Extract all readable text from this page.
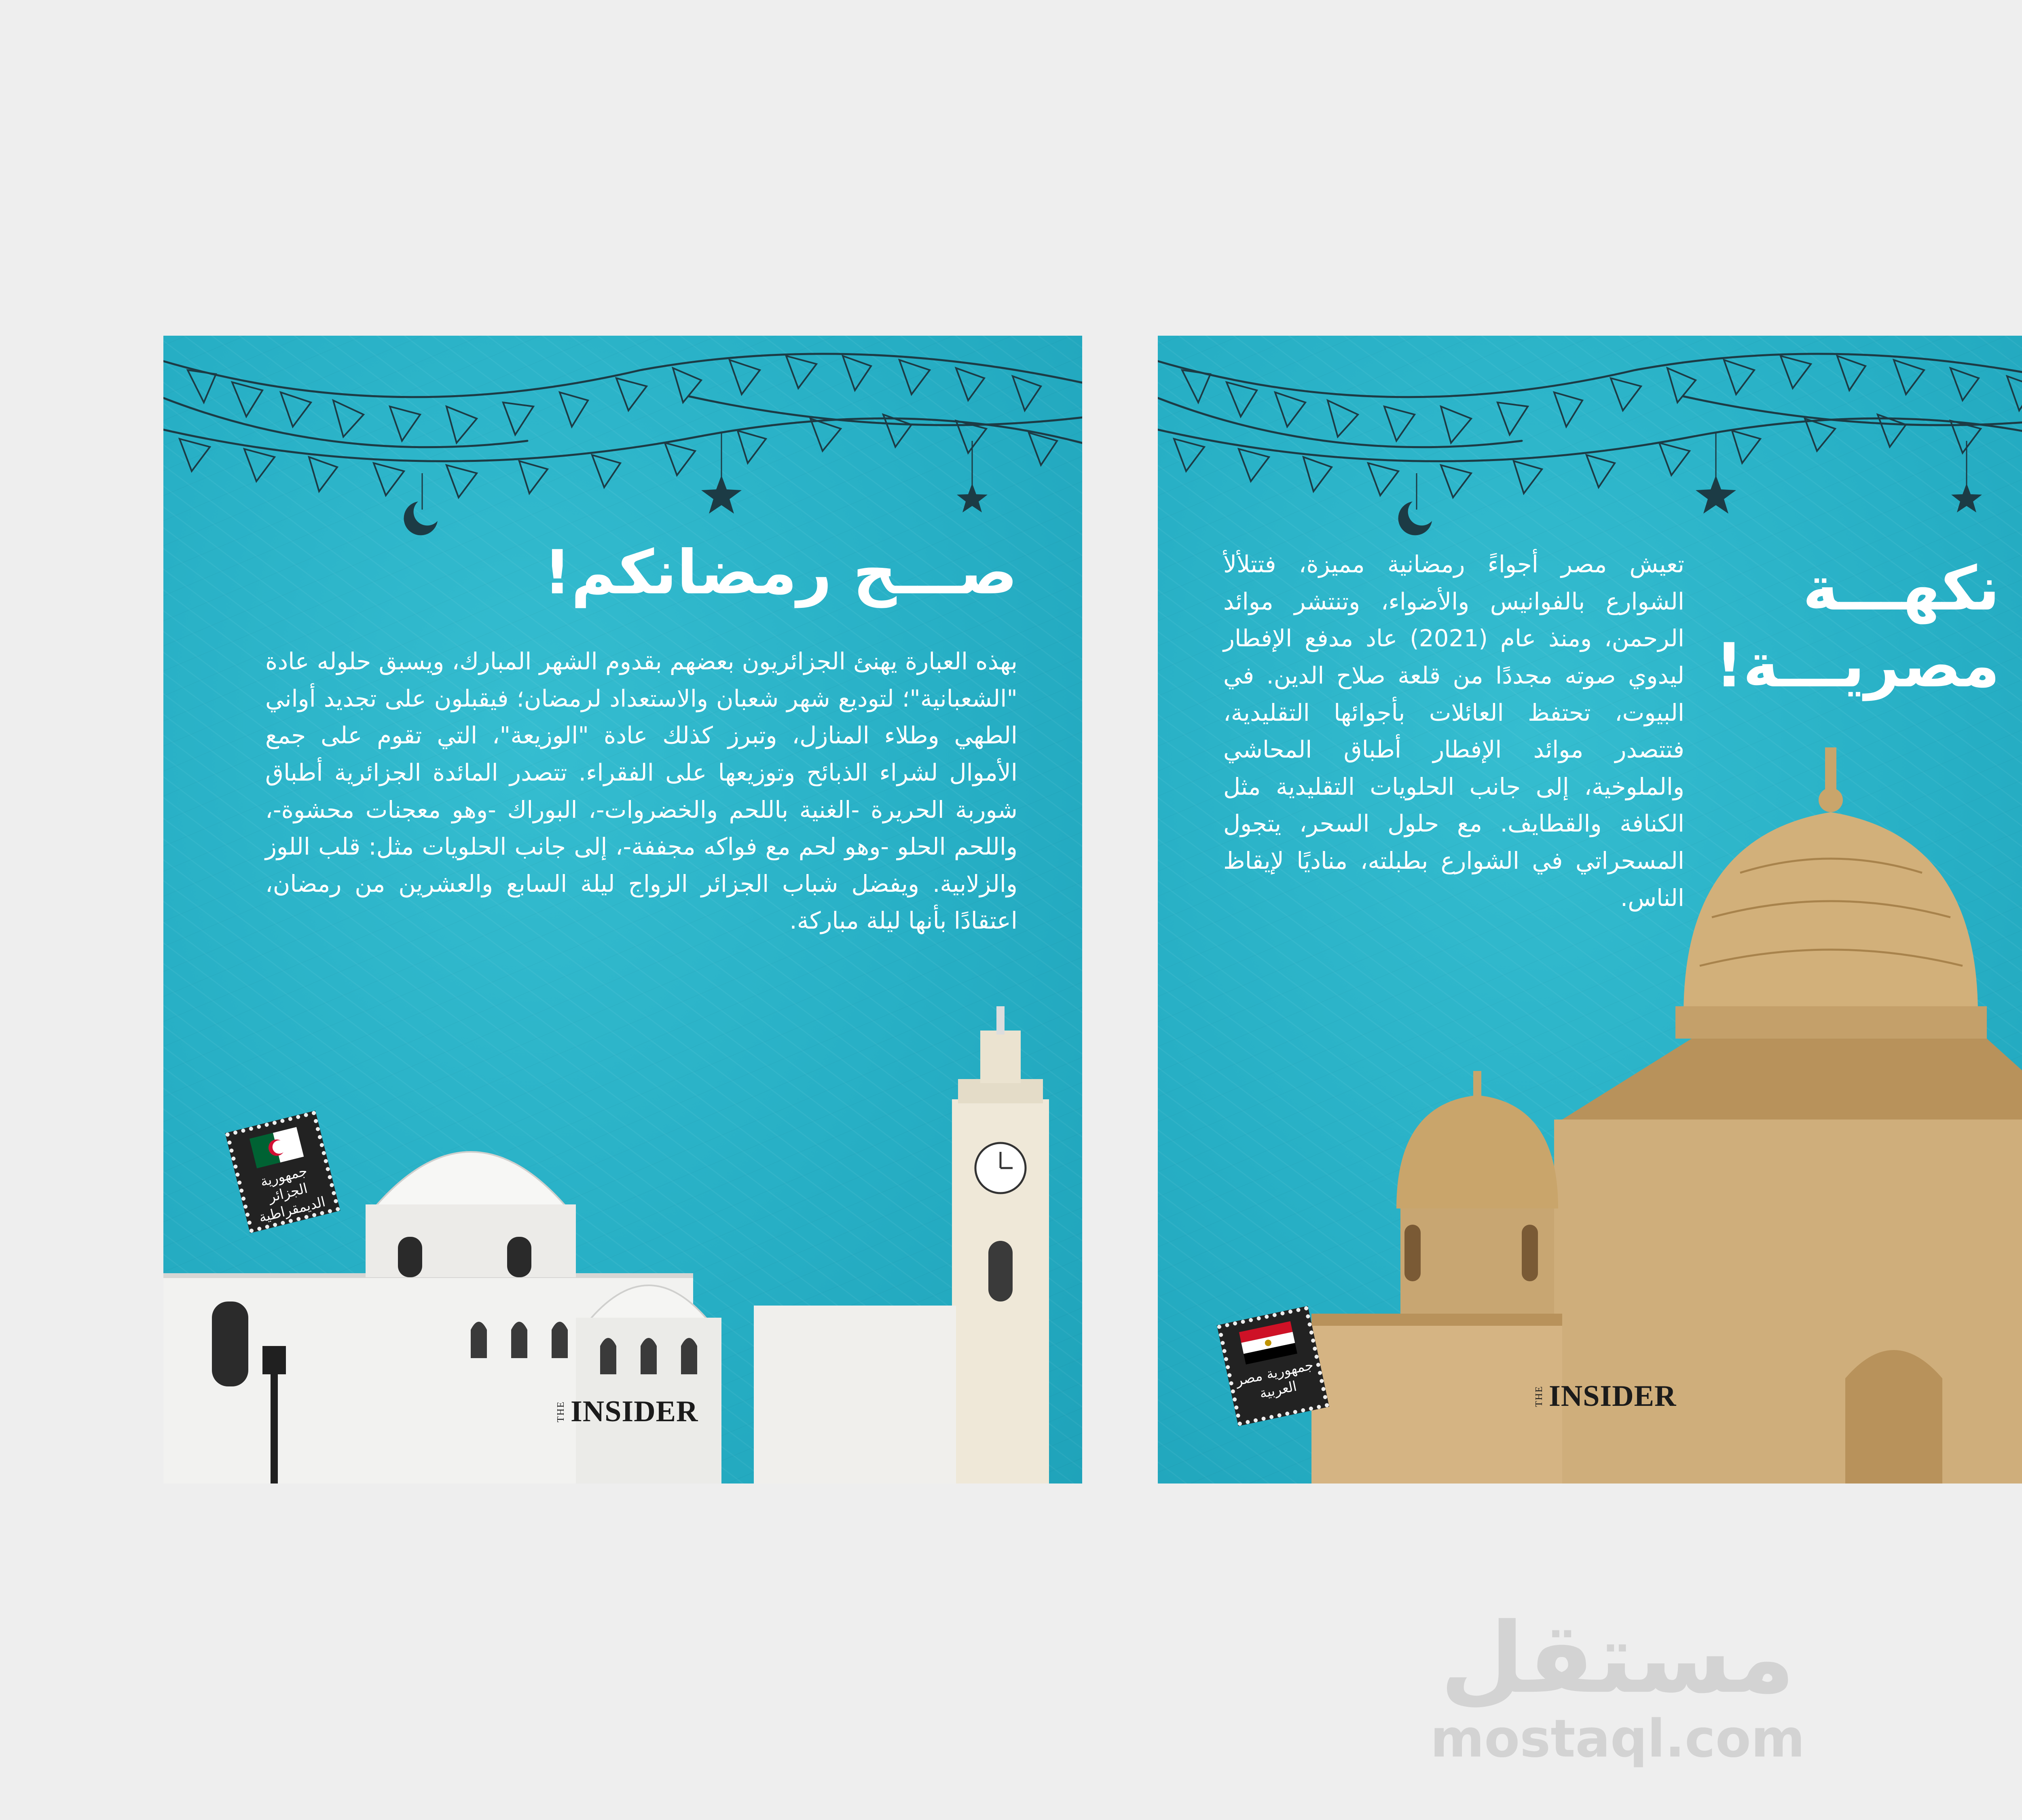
صـــح رمضانكم!

بهذه العبارة يهنئ الجزائريون بعضهم بقدوم الشهر المبارك، ويسبق حلوله عادة "الشعبانية"؛ لتوديع شهر شعبان والاستعداد لرمضان؛ فيقبلون على تجديد أواني الطهي وطلاء المنازل، وتبرز كذلك عادة "الوزيعة"، التي تقوم على جمع الأموال لشراء الذبائح وتوزيعها على الفقراء. تتصدر المائدة الجزائرية أطباق شوربة الحريرة -الغنية باللحم والخضروات-، البوراك -وهو معجنات محشوة-، واللحم الحلو -وهو لحم مع فواكه مجففة-، إلى جانب الحلويات مثل: قلب اللوز والزلابية. ويفضل شباب الجزائر الزواج ليلة السابع والعشرين من رمضان، اعتقادًا بأنها ليلة مباركة.

جمهورية الجزائر الديمقراطية
THE INSIDER
نكهـــة
مصريـــة!

تعيش مصر أجواءً رمضانية مميزة، فتتلألأ الشوارع بالفوانيس والأضواء، وتنتشر موائد الرحمن، ومنذ عام (2021) عاد مدفع الإفطار ليدوي صوته مجددًا من قلعة صلاح الدين. في البيوت، تحتفظ العائلات بأجوائها التقليدية، فتتصدر موائد الإفطار أطباق المحاشي والملوخية، إلى جانب الحلويات التقليدية مثل الكنافة والقطايف. مع حلول السحر، يتجول المسحراتي في الشوارع بطبلته، مناديًا لإيقاظ الناس.

جمهورية مصر العربية	THE INSIDER

مستقل
mostaql.com
